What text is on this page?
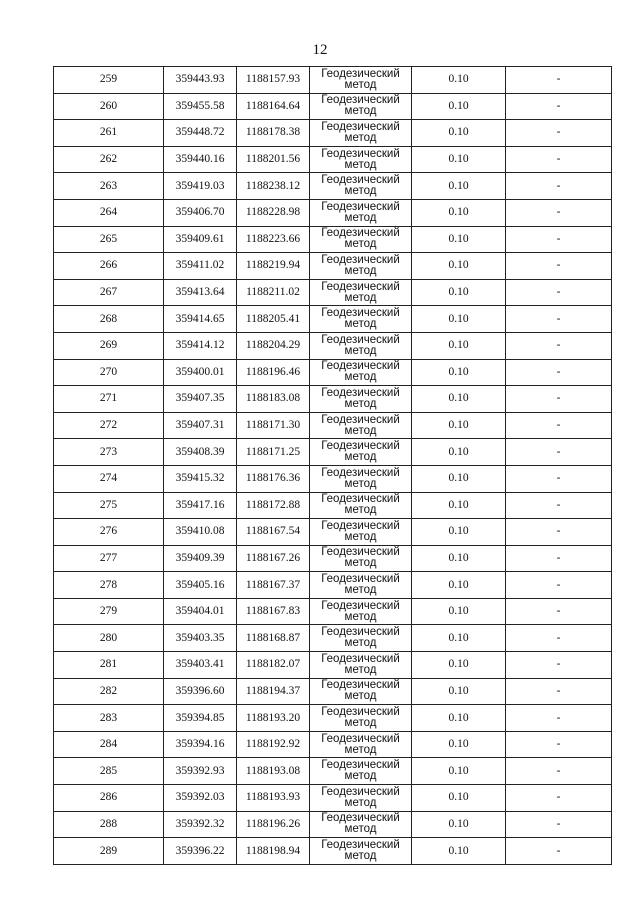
12
259	359443.93	1188157.93	Геодезический метод	0.10	-
260	359455.58	1188164.64	Геодезический метод	0.10	-
261	359448.72	1188178.38	Геодезический метод	0.10	-
262	359440.16	1188201.56	Геодезический метод	0.10	-
263	359419.03	1188238.12	Геодезический метод	0.10	-
264	359406.70	1188228.98	Геодезический метод	0.10	-
265	359409.61	1188223.66	Геодезический метод	0.10	-
266	359411.02	1188219.94	Геодезический метод	0.10	-
267	359413.64	1188211.02	Геодезический метод	0.10	-
268	359414.65	1188205.41	Геодезический метод	0.10	-
269	359414.12	1188204.29	Геодезический метод	0.10	-
270	359400.01	1188196.46	Геодезический метод	0.10	-
271	359407.35	1188183.08	Геодезический метод	0.10	-
272	359407.31	1188171.30	Геодезический метод	0.10	-
273	359408.39	1188171.25	Геодезический метод	0.10	-
274	359415.32	1188176.36	Геодезический метод	0.10	-
275	359417.16	1188172.88	Геодезический метод	0.10	-
276	359410.08	1188167.54	Геодезический метод	0.10	-
277	359409.39	1188167.26	Геодезический метод	0.10	-
278	359405.16	1188167.37	Геодезический метод	0.10	-
279	359404.01	1188167.83	Геодезический метод	0.10	-
280	359403.35	1188168.87	Геодезический метод	0.10	-
281	359403.41	1188182.07	Геодезический метод	0.10	-
282	359396.60	1188194.37	Геодезический метод	0.10	-
283	359394.85	1188193.20	Геодезический метод	0.10	-
284	359394.16	1188192.92	Геодезический метод	0.10	-
285	359392.93	1188193.08	Геодезический метод	0.10	-
286	359392.03	1188193.93	Геодезический метод	0.10	-
288	359392.32	1188196.26	Геодезический метод	0.10	-
289	359396.22	1188198.94	Геодезический метод	0.10	-
